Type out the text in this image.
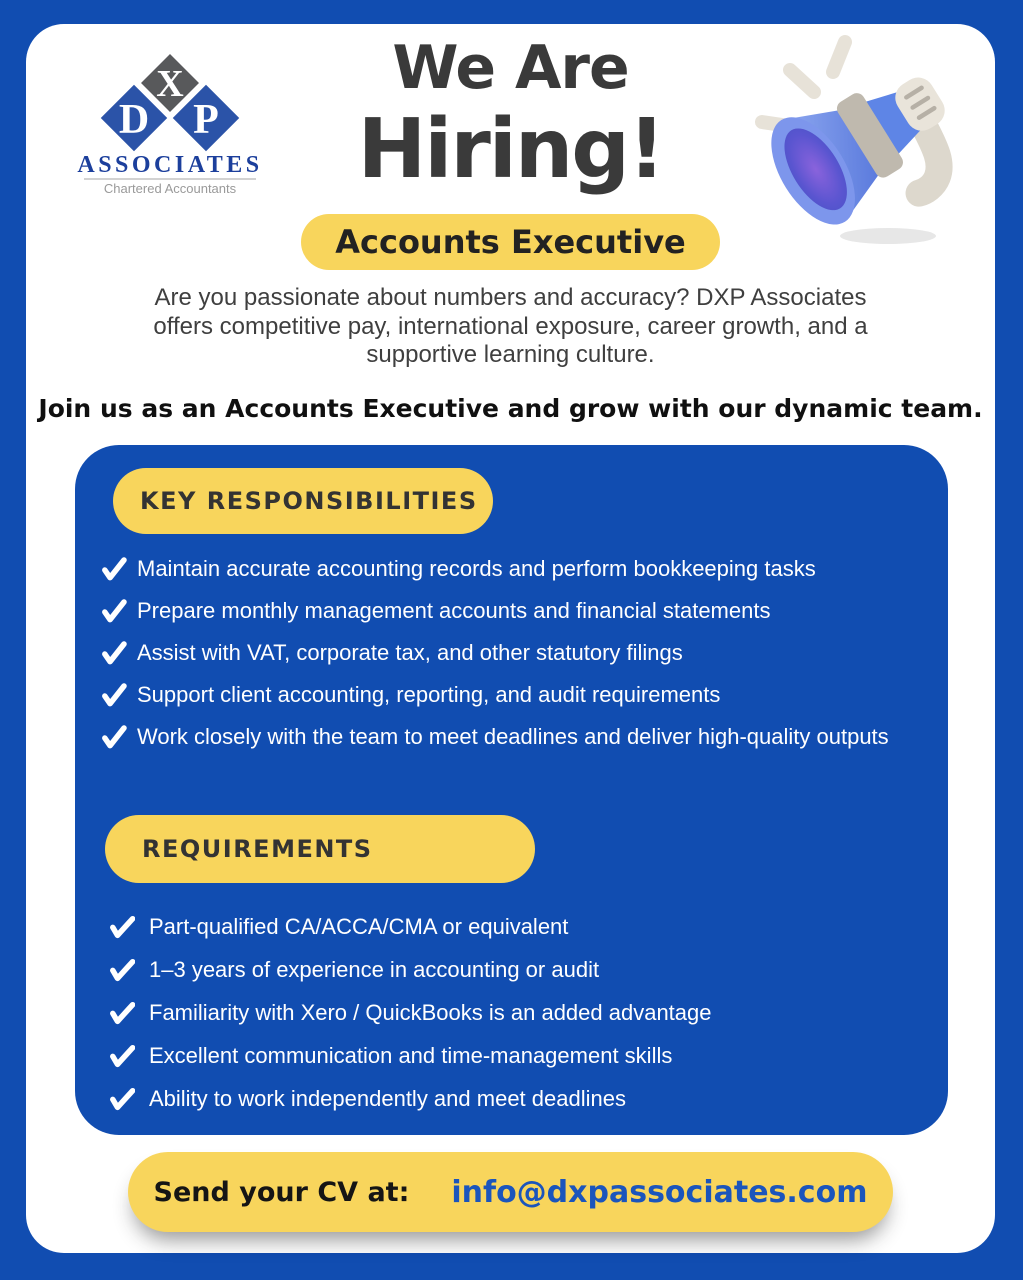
X
D P
ASSOCIATES
Chartered Accountants
We Are
Hiring!
Accounts Executive
Are you passionate about numbers and accuracy? DXP Associates
offers competitive pay, international exposure, career growth, and a
supportive learning culture.
Join us as an Accounts Executive and grow with our dynamic team.
KEY RESPONSIBILITIES
Maintain accurate accounting records and perform bookkeeping tasks
Prepare monthly management accounts and financial statements
Assist with VAT, corporate tax, and other statutory filings
Support client accounting, reporting, and audit requirements
Work closely with the team to meet deadlines and deliver high-quality outputs
REQUIREMENTS
Part-qualified CA/ACCA/CMA or equivalent
1–3 years of experience in accounting or audit
Familiarity with Xero / QuickBooks is an added advantage
Excellent communication and time-management skills
Ability to work independently and meet deadlines
Send your CV at: info@dxpassociates.com
